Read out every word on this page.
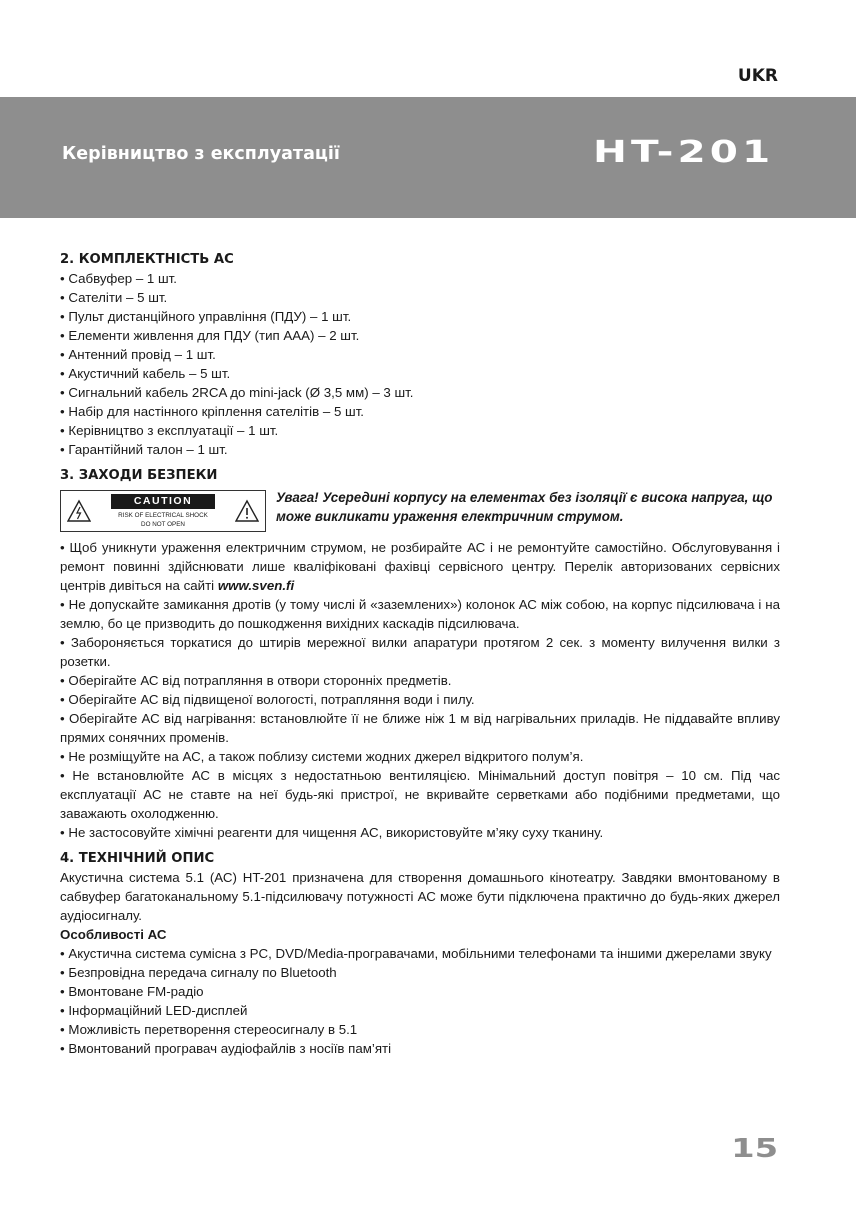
UKR
Керівництво з експлуатації	HT-201
2. КОМПЛЕКТНІСТЬ АС
• Сабвуфер – 1 шт.
• Сателіти – 5 шт.
• Пульт дистанційного управління (ПДУ) – 1 шт.
• Елементи живлення для ПДУ (тип ААА) – 2 шт.
• Антенний провід – 1 шт.
• Акустичний кабель – 5 шт.
• Сигнальний кабель 2RCA до mini-jack (Ø 3,5 мм) – 3 шт.
• Набір для настінного кріплення сателітів – 5 шт.
• Керівництво з експлуатації – 1 шт.
• Гарантійний талон – 1 шт.
3. ЗАХОДИ БЕЗПЕКИ
CAUTION
RISK OF ELECTRICAL SHOCK
DO NOT OPEN
Увага! Усередині корпусу на елементах без ізоляції є висока напруга, що може викликати ураження електричним струмом.

• Щоб уникнути ураження електричним струмом, не розбирайте АС і не ремонтуйте самостійно. Обслуговування і ремонт повинні здійснювати лише кваліфіковані фахівці сервісного центру. Перелік авторизованих сервісних центрів дивіться на сайті www.sven.fi

• Не допускайте замикання дротів (у тому числі й «заземлених») колонок АС між собою, на корпус підсилювача і на землю, бо це призводить до пошкодження вихідних каскадів підсилювача.

• Забороняється торкатися до штирів мережної вилки апаратури протягом 2 сек. з моменту вилучення вилки з розетки.

• Оберігайте АС від потрапляння в отвори сторонніх предметів.

• Оберігайте АС від підвищеної вологості, потрапляння води і пилу.

• Оберігайте АС від нагрівання: встановлюйте її не ближе ніж 1 м від нагрівальних приладів. Не піддавайте впливу прямих сонячних променів.

• Не розміщуйте на АС, а також поблизу системи жодних джерел відкритого полум’я.

• Не встановлюйте АС в місцях з недостатньою вентиляцією. Мінімальний доступ повітря – 10 см. Під час експлуатації АС не ставте на неї будь-які пристрої, не вкривайте серветками або подібними предметами, що заважають охолодженню.

• Не застосовуйте хімічні реагенти для чищення АС, використовуйте м’яку суху тканину.

4. ТЕХНІЧНИЙ ОПИС

Акустична система 5.1 (АС) HT-201 призначена для створення домашнього кінотеатру. Завдяки вмонтованому в сабвуфер багатоканальному 5.1-підсилювачу потужності АС може бути підключена практично до будь-яких джерел аудіосигналу.

Особливості АС
• Акустична система сумісна з PC, DVD/Media-програвачами, мобільними телефонами та іншими джерелами звуку
• Безпровідна передача сигналу по Bluetooth
• Вмонтоване FM-радіо
• Інформаційний LED-дисплей
• Можливість перетворення стереосигналу в 5.1
• Вмонтований програвач аудіофайлів з носіїв пам’яті
15
